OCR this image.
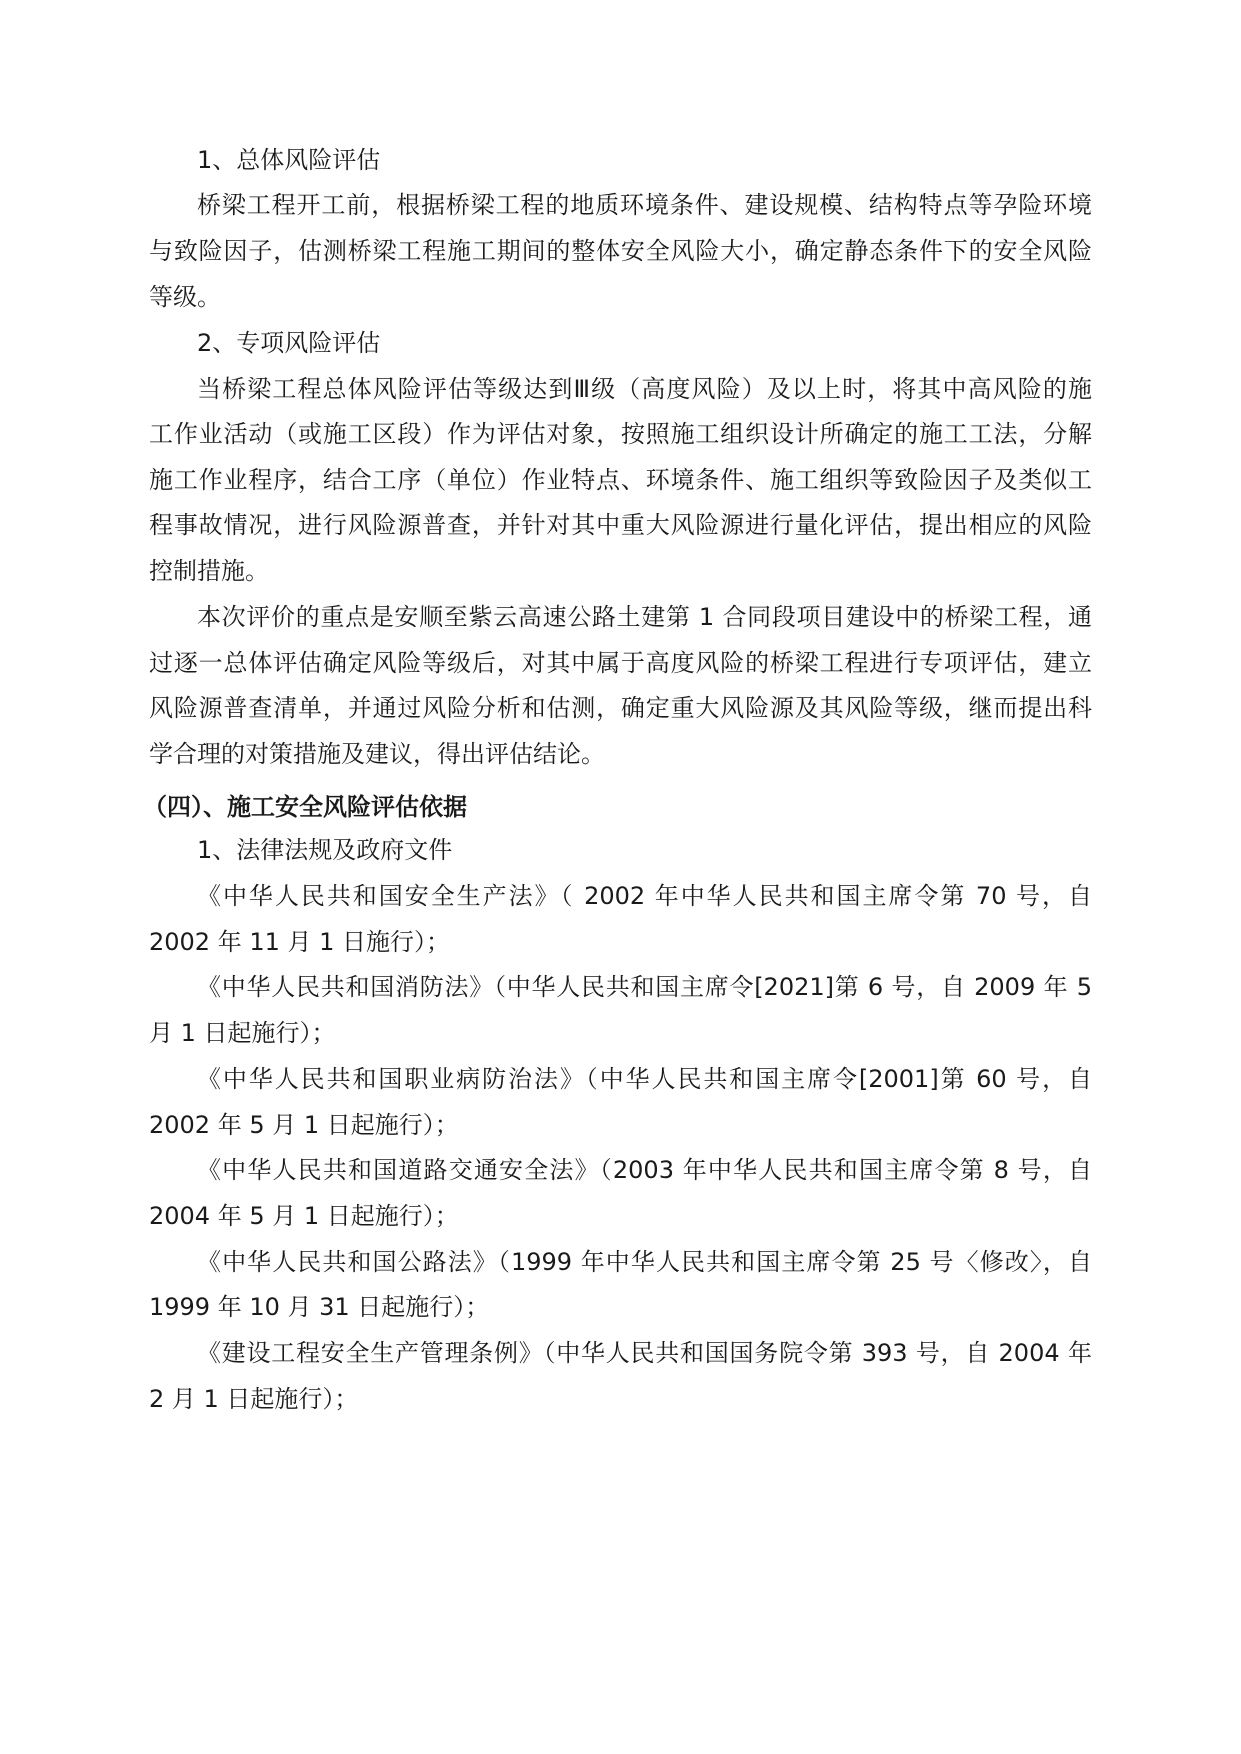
1、总体风险评估
桥梁工程开工前，根据桥梁工程的地质环境条件、建设规模、结构特点等孕险环境
与致险因子，估测桥梁工程施工期间的整体安全风险大小，确定静态条件下的安全风险
等级。
2、专项风险评估
当桥梁工程总体风险评估等级达到Ⅲ级（高度风险）及以上时，将其中高风险的施
工作业活动（或施工区段）作为评估对象，按照施工组织设计所确定的施工工法，分解
施工作业程序，结合工序（单位）作业特点、环境条件、施工组织等致险因子及类似工
程事故情况，进行风险源普查，并针对其中重大风险源进行量化评估，提出相应的风险
控制措施。
本次评价的重点是安顺至紫云高速公路土建第 1 合同段项目建设中的桥梁工程，通
过逐一总体评估确定风险等级后，对其中属于高度风险的桥梁工程进行专项评估，建立
风险源普查清单，并通过风险分析和估测，确定重大风险源及其风险等级，继而提出科
学合理的对策措施及建议，得出评估结论。
（四）、施工安全风险评估依据
1、法律法规及政府文件
《中华人民共和国安全生产法》（ 2002 年中华人民共和国主席令第 70 号，自
2002 年 11 月 1 日施行）；
《中华人民共和国消防法》（中华人民共和国主席令[2021]第 6 号，自 2009 年 5
月 1 日起施行）；
《中华人民共和国职业病防治法》（中华人民共和国主席令[2001]第 60 号，自
2002 年 5 月 1 日起施行）；
《中华人民共和国道路交通安全法》（2003 年中华人民共和国主席令第 8 号，自
2004 年 5 月 1 日起施行）；
《中华人民共和国公路法》（1999 年中华人民共和国主席令第 25 号〈修改〉，自
1999 年 10 月 31 日起施行）；
《建设工程安全生产管理条例》（中华人民共和国国务院令第 393 号，自 2004 年
2 月 1 日起施行）；
